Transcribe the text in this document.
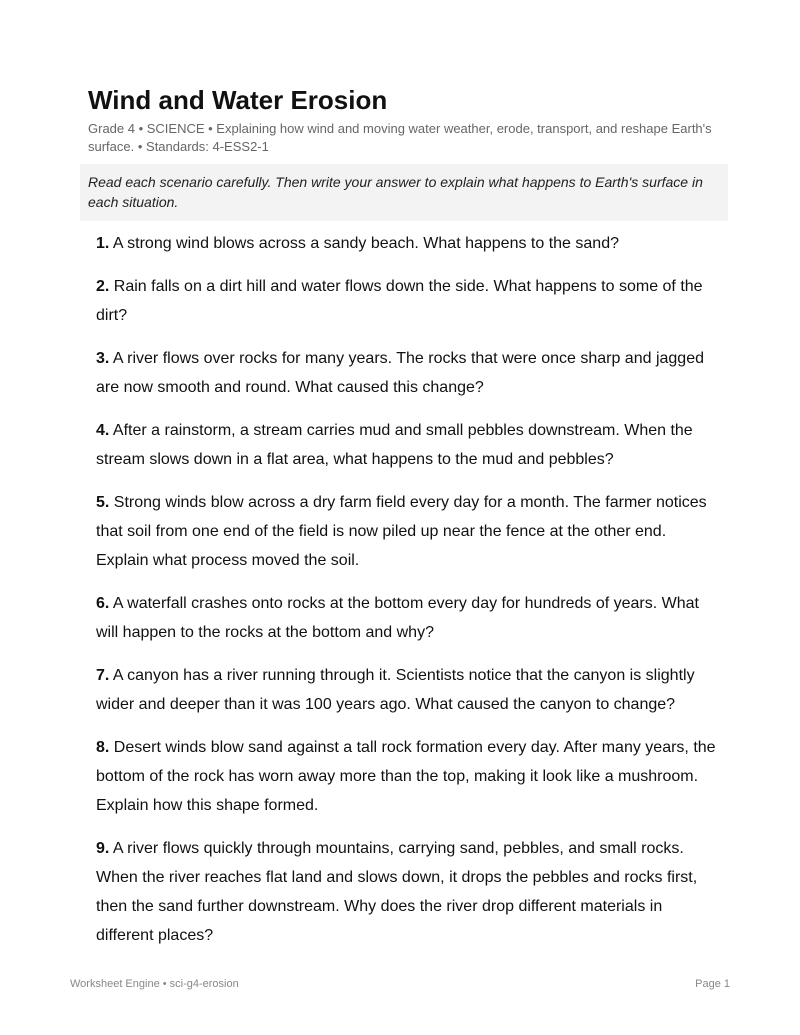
Wind and Water Erosion
Grade 4 • SCIENCE • Explaining how wind and moving water weather, erode, transport, and reshape Earth's surface. • Standards: 4-ESS2-1
Read each scenario carefully. Then write your answer to explain what happens to Earth's surface in each situation.
1. A strong wind blows across a sandy beach. What happens to the sand?
2. Rain falls on a dirt hill and water flows down the side. What happens to some of the dirt?
3. A river flows over rocks for many years. The rocks that were once sharp and jagged are now smooth and round. What caused this change?
4. After a rainstorm, a stream carries mud and small pebbles downstream. When the stream slows down in a flat area, what happens to the mud and pebbles?
5. Strong winds blow across a dry farm field every day for a month. The farmer notices that soil from one end of the field is now piled up near the fence at the other end. Explain what process moved the soil.
6. A waterfall crashes onto rocks at the bottom every day for hundreds of years. What will happen to the rocks at the bottom and why?
7. A canyon has a river running through it. Scientists notice that the canyon is slightly wider and deeper than it was 100 years ago. What caused the canyon to change?
8. Desert winds blow sand against a tall rock formation every day. After many years, the bottom of the rock has worn away more than the top, making it look like a mushroom. Explain how this shape formed.
9. A river flows quickly through mountains, carrying sand, pebbles, and small rocks. When the river reaches flat land and slows down, it drops the pebbles and rocks first, then the sand further downstream. Why does the river drop different materials in different places?
Worksheet Engine • sci-g4-erosion	Page 1
